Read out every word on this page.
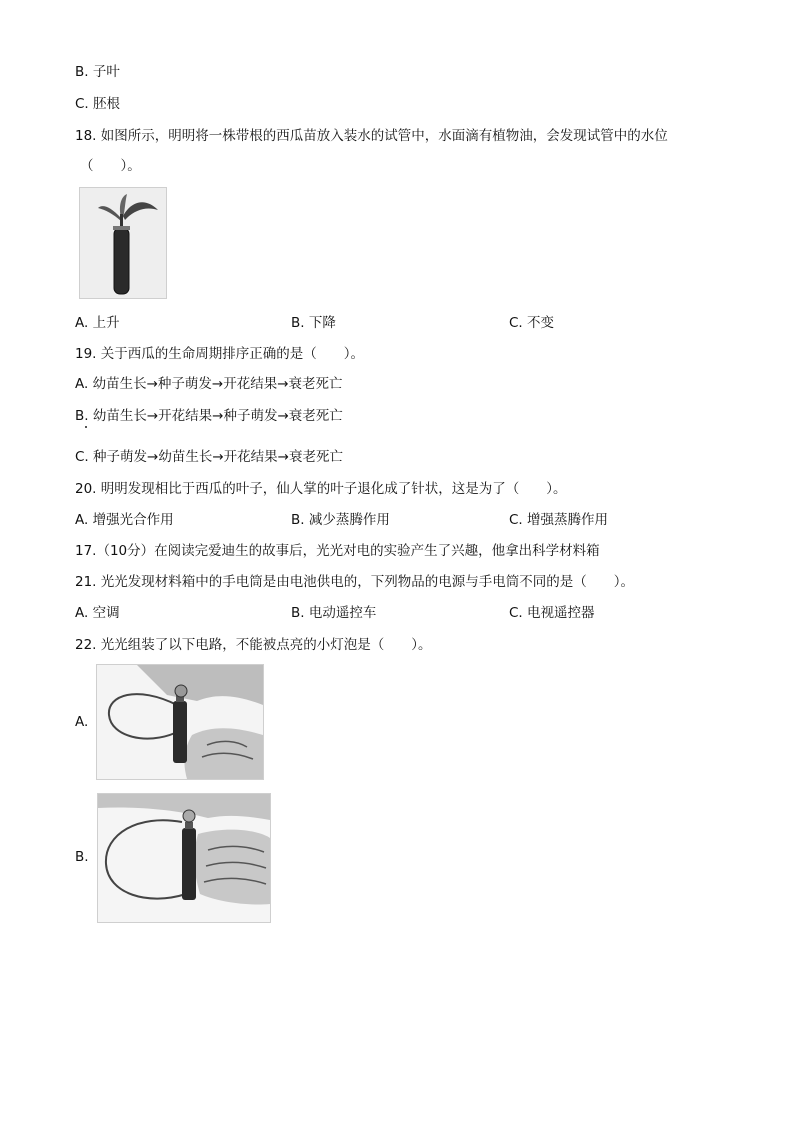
B. 子叶
C. 胚根
18. 如图所示，明明将一株带根的西瓜苗放入装水的试管中，水面滴有植物油，会发现试管中的水位
（　　）。
A. 上升	B. 下降	C. 不变
19. 关于西瓜的生命周期排序正确的是（　　）。
A. 幼苗生长→种子萌发→开花结果→衰老死亡
B. 幼苗生长→开花结果→种子萌发→衰老死亡
C. 种子萌发→幼苗生长→开花结果→衰老死亡
20. 明明发现相比于西瓜的叶子，仙人掌的叶子退化成了针状，这是为了（　　）。
A. 增强光合作用	B. 减少蒸腾作用	C. 增强蒸腾作用
17.（10分）在阅读完爱迪生的故事后，光光对电的实验产生了兴趣，他拿出科学材料箱
21. 光光发现材料箱中的手电筒是由电池供电的，下列物品的电源与手电筒不同的是（　　）。
A. 空调	B. 电动遥控车	C. 电视遥控器
22. 光光组装了以下电路，不能被点亮的小灯泡是（　　）。
A.
B.
